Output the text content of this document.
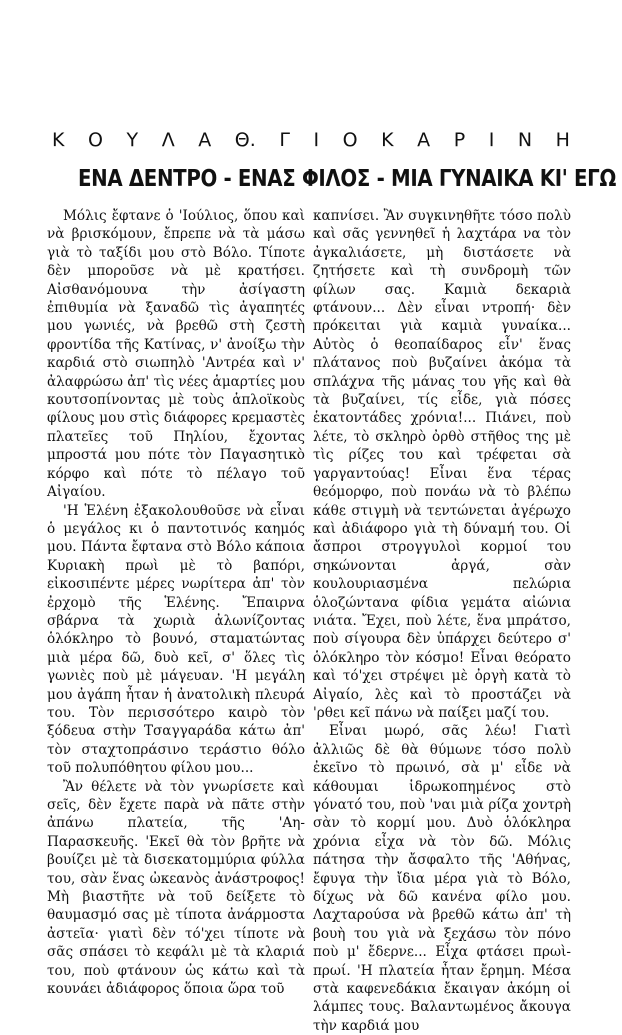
Κ Ο Υ Λ Α Θ. Γ Ι Ο Κ Α Ρ Ι Ν Η
ΕΝΑ ΔΕΝΤΡΟ - ΕΝΑΣ ΦΙΛΟΣ - ΜΙΑ ΓΥΝΑΙΚΑ ΚΙ' ΕΓΩ

Μόλις ἔφτανε ὁ 'Ιούλιος, ὅπου καὶ νὰ βρισκόμουν, ἔπρεπε νὰ τὰ μάσω γιὰ τὸ ταξίδι μου στὸ Βόλο. Τίποτε δὲν μποροῦσε νὰ μὲ κρατήσει. Αἰσθανόμουνα τὴν ἀσίγαστη ἐπιθυμία νὰ ξαναδῶ τὶς ἀγαπητές μου γωνιές, νὰ βρεθῶ στὴ ζεστὴ φροντίδα τῆς Κατίνας, ν' ἀνοίξω τὴν καρδιά στὸ σιωπηλὸ 'Αντρέα καὶ ν' ἀλαφρώσω ἀπ' τὶς νέες ἁμαρτίες μου κουτσοπίνοντας μὲ τοὺς ἁπλοϊκοὺς φίλους μου στὶς διάφορες κρεμαστὲς πλατεῖες τοῦ Πηλίου, ἔχοντας μπροστά μου πότε τὸν Παγασητικὸ κόρφο καὶ πότε τὸ πέλαγο τοῦ Αἰγαίου.

'Η Ἑλένη ἐξακολουθοῦσε νὰ εἶναι ὁ μεγάλος κι ὁ παντοτινός καημός μου. Πάντα ἔφτανα στὸ Βόλο κάποια Κυριακὴ πρωὶ μὲ τὸ βαπόρι, εἰκοσιπέντε μέρες νωρίτερα ἀπ' τὸν ἐρχομὸ τῆς Ἑλένης. Ἔπαιρνα σβάρνα τὰ χωριὰ ἀλωνίζοντας ὁλόκληρο τὸ βουνό, σταματώντας μιὰ μέρα δῶ, δυὸ κεῖ, σ' ὅλες τὶς γωνιὲς ποὺ μὲ μάγευαν. 'Η μεγάλη μου ἀγάπη ἦταν ἡ ἀνατολικὴ πλευρά του. Τὸν περισσότερο καιρὸ τὸν ξόδευα στὴν Τσαγγαράδα κάτω ἀπ' τὸν σταχτοπράσινο τεράστιο θόλο τοῦ πολυπόθητου φίλου μου...

Ἂν θέλετε νὰ τὸν γνωρίσετε καὶ σεῖς, δὲν ἔχετε παρὰ νὰ πᾶτε στὴν ἀπάνω πλατεία, τῆς 'Αη-Παρασκευῆς. 'Εκεῖ θὰ τὸν βρῆτε νὰ βουίζει μὲ τὰ δισεκατομμύρια φύλλα του, σὰν ἕνας ὠκεανὸς ἀνάστροφος! Μὴ βιαστῆτε νὰ τοῦ δείξετε τὸ θαυμασμό σας μὲ τίποτα ἀνάρμοστα ἀστεῖα· γιατὶ δὲν τό'χει τίποτε νὰ σᾶς σπάσει τὸ κεφάλι μὲ τὰ κλαριά του, ποὺ φτάνουν ὡς κάτω καὶ τὰ κουνάει ἀδιάφορος ὅποια ὥρα τοῦ

καπνίσει. Ἂν συγκινηθῆτε τόσο πολὺ καὶ σᾶς γεννηθεῖ ἡ λαχτάρα να τὸν ἀγκαλιάσετε, μὴ διστάσετε νὰ ζητήσετε καὶ τὴ συνδρομὴ τῶν φίλων σας. Καμιὰ δεκαριὰ φτάνουν... Δὲν εἶναι ντροπή· δὲν πρόκειται γιὰ καμιὰ γυναίκα... Αὐτὸς ὁ θεοπαίδαρος εἶν' ἕνας πλάτανος ποὺ βυζαίνει ἀκόμα τὰ σπλάχνα τῆς μάνας του γῆς καὶ θὰ τὰ βυζαίνει, τίς εἶδε, γιὰ πόσες ἑκατοντάδες χρόνια!... Πιάνει, ποὺ λέτε, τὸ σκληρὸ ὀρθὸ στῆθος της μὲ τὶς ρίζες του καὶ τρέφεται σὰ γαργαντούας! Εἶναι ἕνα τέρας θεόμορφο, ποὺ πονάω νὰ τὸ βλέπω κάθε στιγμὴ νὰ τεντώνεται ἀγέρωχο καὶ ἀδιάφορο γιὰ τὴ δύναμή του. Οἱ ἄσπροι στρογγυλοὶ κορμοί του σηκώνονται ἀργά, σὰν κουλουριασμένα πελώρια ὁλοζώντανα φίδια γεμάτα αἰώνια νιάτα. Ἔχει, ποὺ λέτε, ἕνα μπράτσο, ποὺ σίγουρα δὲν ὑπάρχει δεύτερο σ' ὁλόκληρο τὸν κόσμο! Εἶναι θεόρατο καὶ τό'χει στρέψει μὲ ὀργὴ κατὰ τὸ Αἰγαίο, λὲς καὶ τὸ προστάζει νὰ 'ρθει κεῖ πάνω νὰ παίξει μαζί του.

Εἶναι μωρό, σᾶς λέω! Γιατὶ ἀλλιῶς δὲ θὰ θύμωνε τόσο πολὺ ἐκεῖνο τὸ πρωινό, σὰ μ' εἶδε νὰ κάθουμαι ἱδρωκοπημένος στὸ γόνατό του, ποὺ 'ναι μιὰ ρίζα χοντρὴ σὰν τὸ κορμί μου. Δυὸ ὁλόκληρα χρόνια εἶχα νὰ τὸν δῶ. Μόλις πάτησα τὴν ἄσφαλτο τῆς 'Αθήνας, ἔφυγα τὴν ἴδια μέρα γιὰ τὸ Βόλο, δίχως νὰ δῶ κανένα φίλο μου. Λαχταρούσα νὰ βρεθῶ κάτω ἀπ' τὴ βουὴ του γιὰ νὰ ξεχάσω τὸν πόνο ποὺ μ' ἔδερνε... Εἶχα φτάσει πρωὶ-πρωί. 'Η πλατεία ἦταν ἔρημη. Μέσα στὰ καφενεδάκια ἔκαιγαν ἀκόμη οἱ λάμπες τους. Βαλαντωμένος ἄκουγα τὴν καρδιά μου
